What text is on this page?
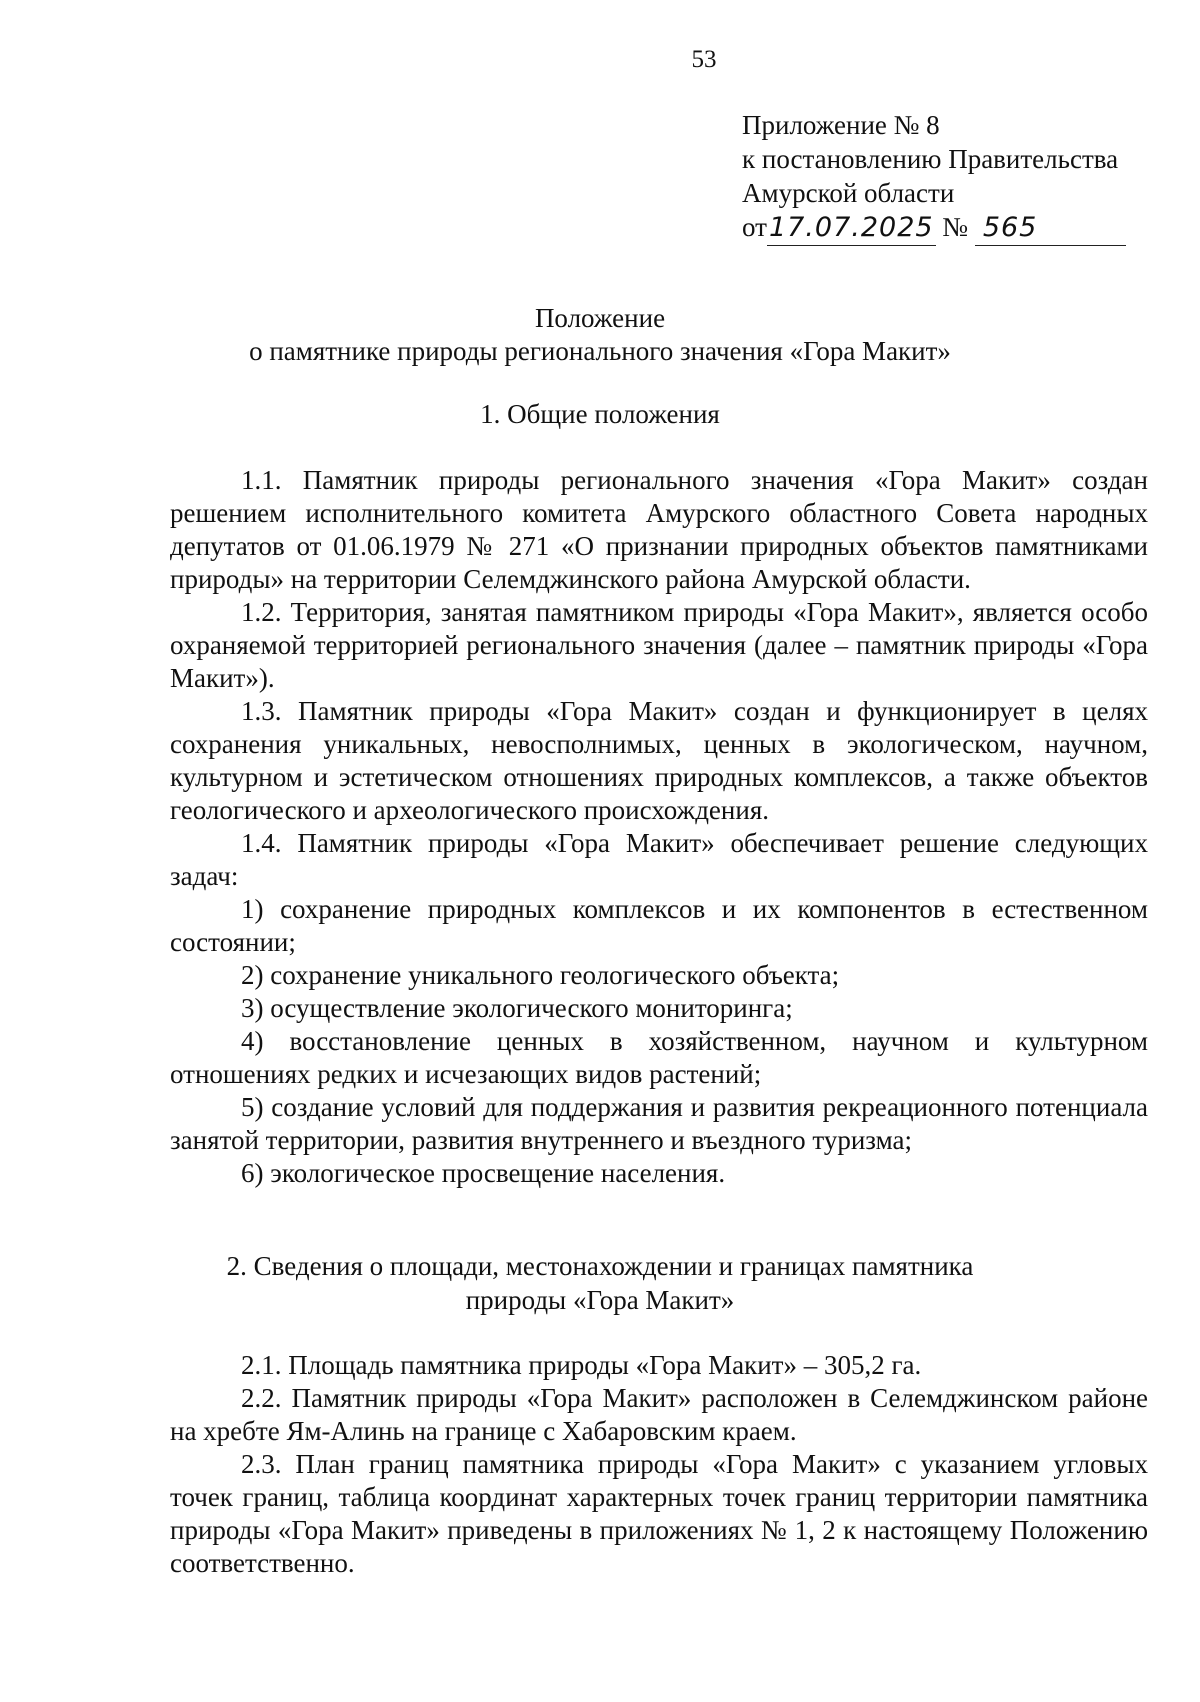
53
Приложение № 8
к постановлению Правительства
Амурской области
от17.07.2025 № 565
Положение
о памятнике природы регионального значения «Гора Макит»
1. Общие положения

1.1. Памятник природы регионального значения «Гора Макит» создан решением исполнительного комитета Амурского областного Совета народных депутатов от 01.06.1979 № 271 «О признании природных объектов памятниками природы» на территории Селемджинского района Амурской области.

1.2. Территория, занятая памятником природы «Гора Макит», является особо охраняемой территорией регионального значения (далее – памятник природы «Гора Макит»).

1.3. Памятник природы «Гора Макит» создан и функционирует в целях сохранения уникальных, невосполнимых, ценных в экологическом, научном, культурном и эстетическом отношениях природных комплексов, а также объектов геологического и археологического происхождения.

1.4. Памятник природы «Гора Макит» обеспечивает решение следующих задач:

1) сохранение природных комплексов и их компонентов в естественном состоянии;

2) сохранение уникального геологического объекта;

3) осуществление экологического мониторинга;

4) восстановление ценных в хозяйственном, научном и культурном отношениях редких и исчезающих видов растений;

5) создание условий для поддержания и развития рекреационного потенциала занятой территории, развития внутреннего и въездного туризма;

6) экологическое просвещение населения.

2. Сведения о площади, местонахождении и границах памятника
природы «Гора Макит»

2.1. Площадь памятника природы «Гора Макит» – 305,2 га.

2.2. Памятник природы «Гора Макит» расположен в Селемджинском районе на хребте Ям-Алинь на границе с Хабаровским краем.

2.3. План границ памятника природы «Гора Макит» с указанием угловых точек границ, таблица координат характерных точек границ территории памятника природы «Гора Макит» приведены в приложениях № 1, 2 к настоящему Положению соответственно.
